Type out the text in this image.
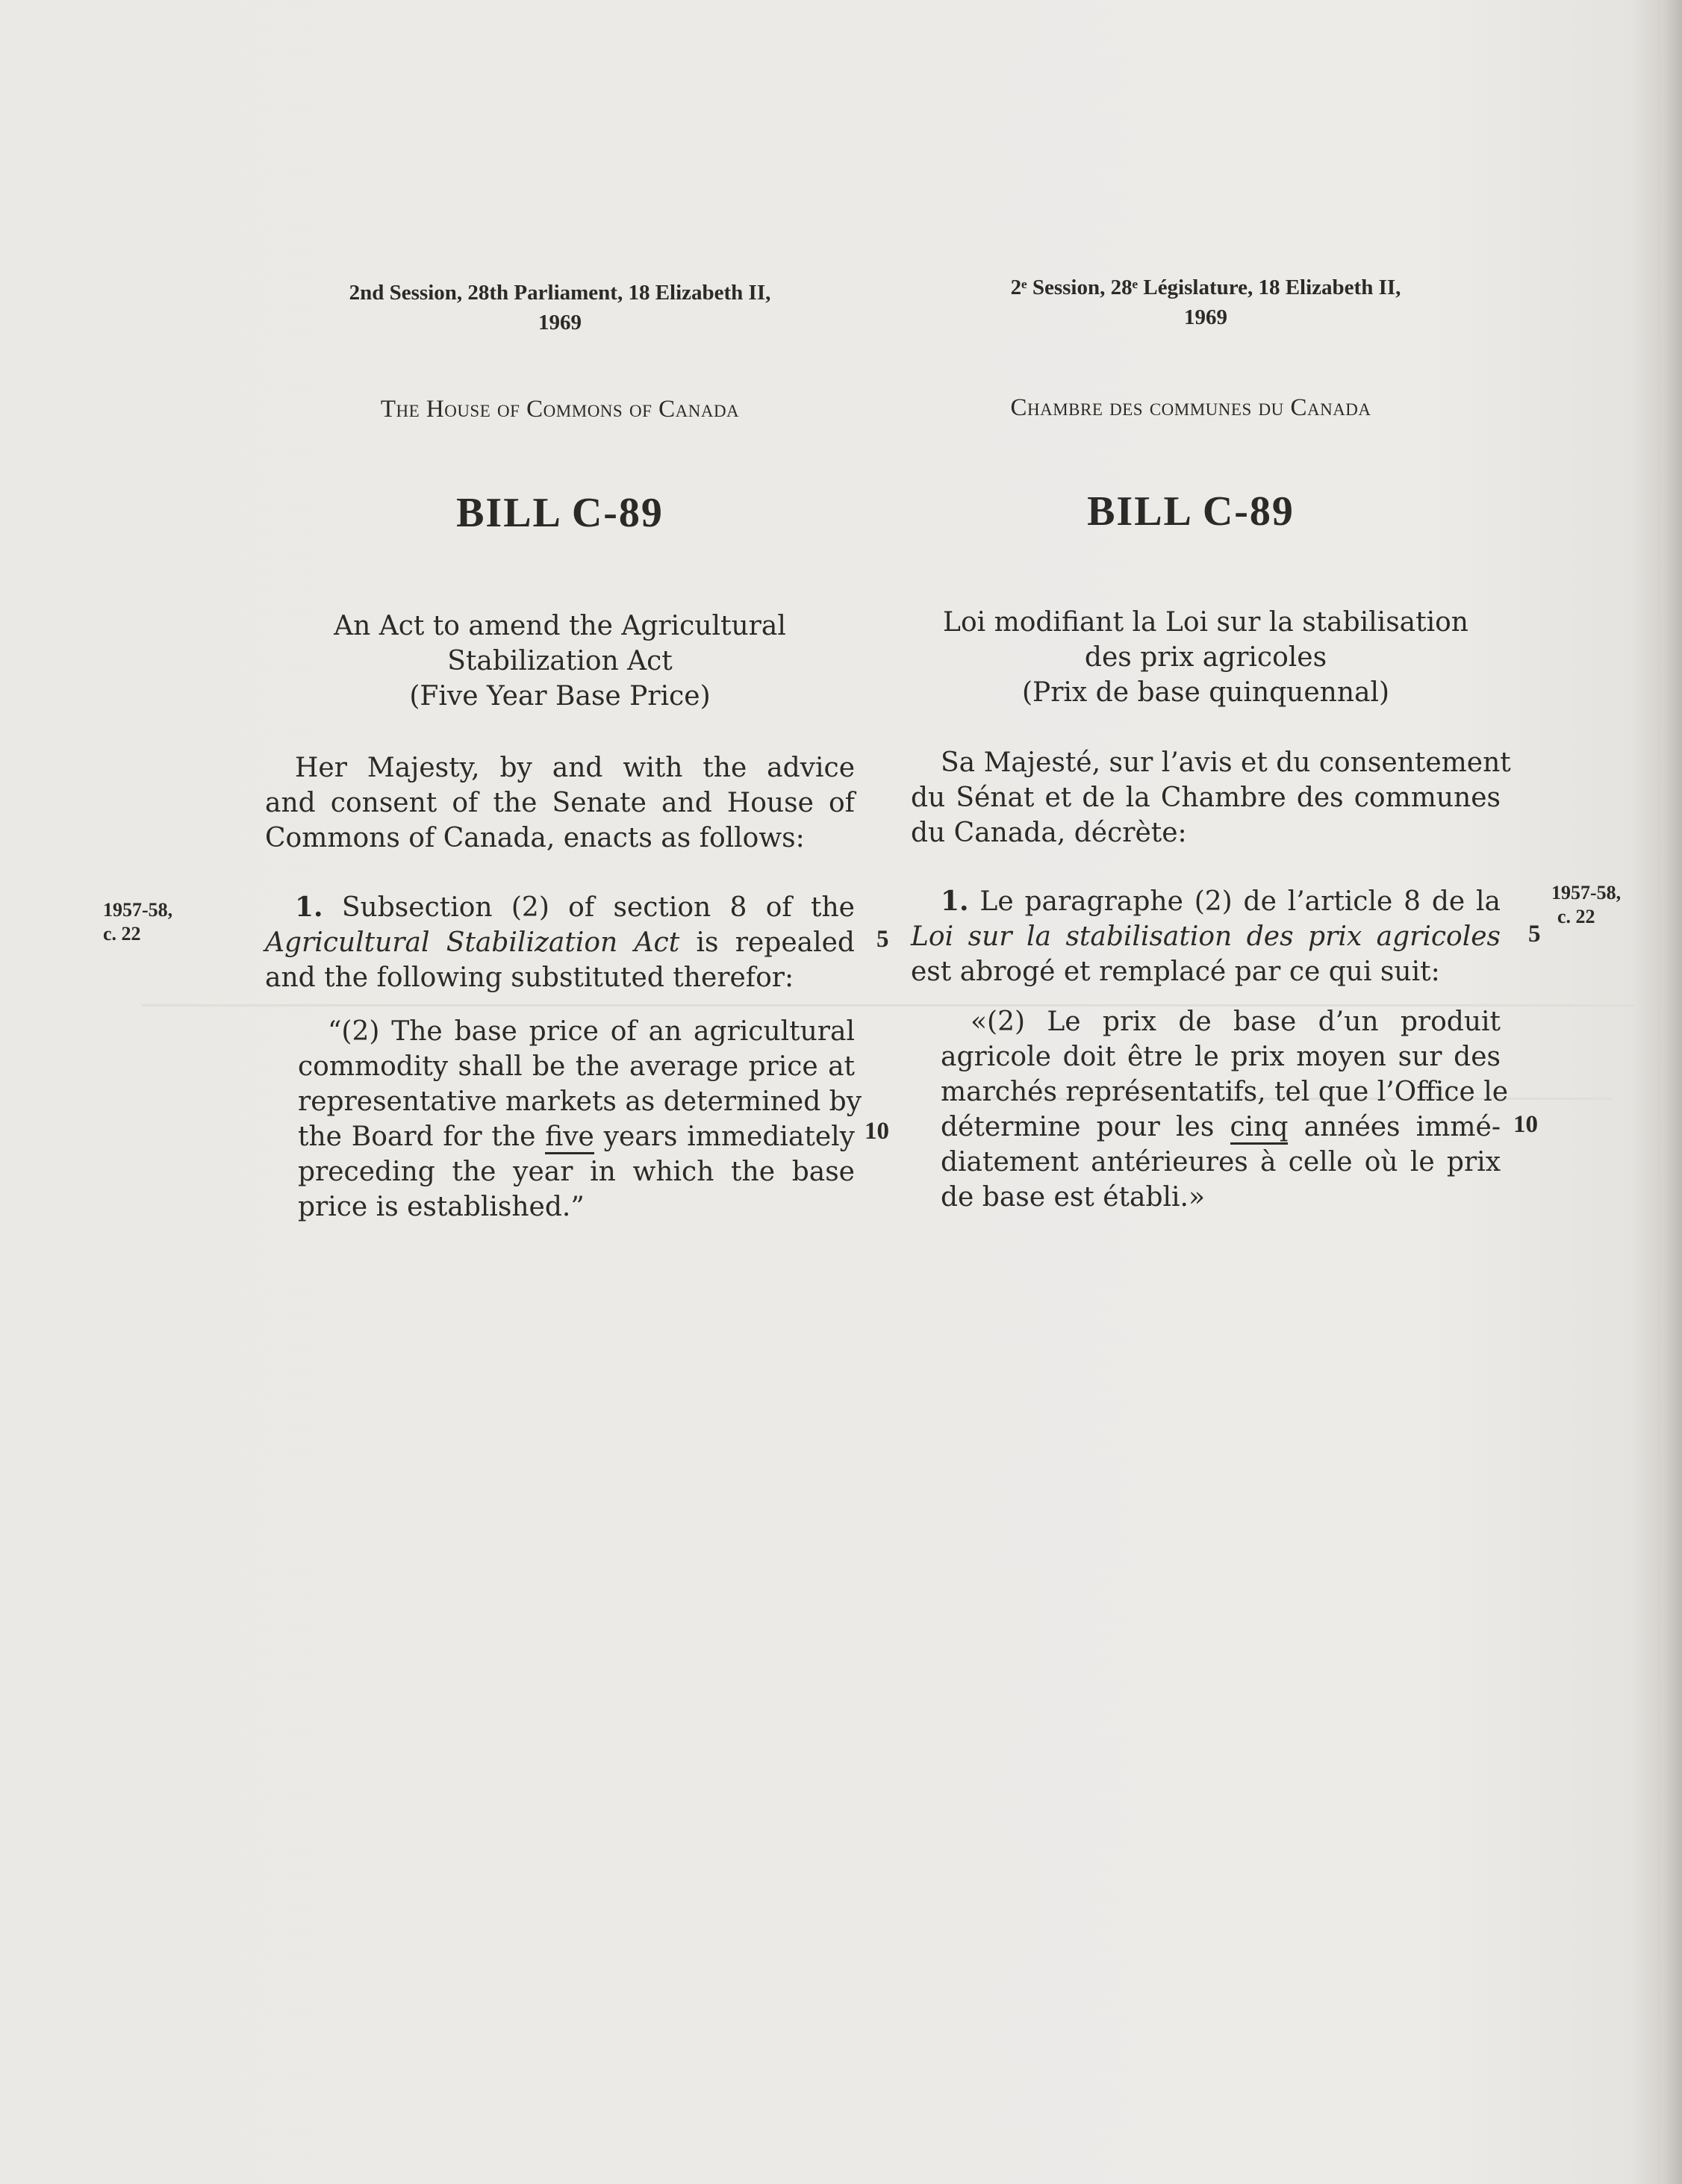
2nd Session, 28th Parliament, 18 Elizabeth II,
1969
The House of Commons of Canada
BILL C-89
An Act to amend the Agricultural
Stabilization Act
(Five Year Base Price)
Her Majesty, by and with the advice
and consent of the Senate and House of
Commons of Canada, enacts as follows:
1. Subsection (2) of section 8 of the
Agricultural Stabilization Act is repealed
and the following substituted therefor:
“(2) The base price of an agricultural
commodity shall be the average price at
representative markets as determined by
the Board for the five years immediately
preceding the year in which the base
price is established.”
1957-58,
c. 22	5
10
2ᵉ Session, 28ᵉ Législature, 18 Elizabeth II,
1969
Chambre des communes du Canada
BILL C-89
Loi modifiant la Loi sur la stabilisation
des prix agricoles
(Prix de base quinquennal)
Sa Majesté, sur l’avis et du consentement
du Sénat et de la Chambre des communes
du Canada, décrète:
1. Le paragraphe (2) de l’article 8 de la
Loi sur la stabilisation des prix agricoles
est abrogé et remplacé par ce qui suit:
«(2) Le prix de base d’un produit
agricole doit être le prix moyen sur des
marchés représentatifs, tel que l’Office le
détermine pour les cinq années immé-
diatement antérieures à celle où le prix
de base est établi.»
1957-58,
c. 22
5
10
